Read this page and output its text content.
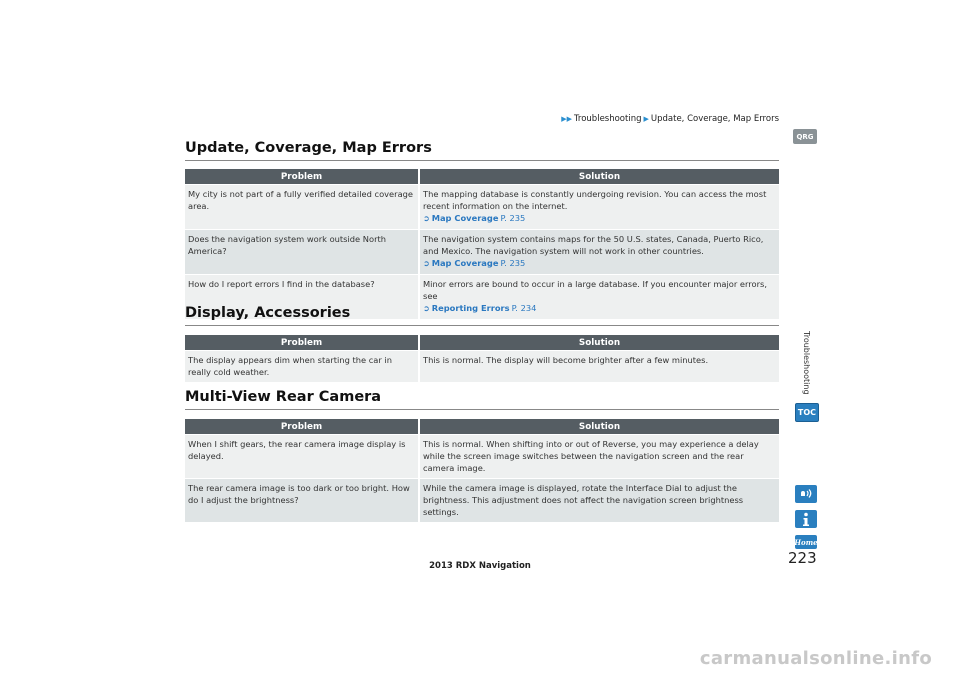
▶▶ Troubleshooting ▶ Update, Coverage, Map Errors
Update, Coverage, Map Errors
Problem	Solution
My city is not part of a fully verified detailed coverage area.	The mapping database is constantly undergoing revision. You can access the most recent information on the internet.
➲ Map Coverage P. 235

Does the navigation system work outside North America?	The navigation system contains maps for the 50 U.S. states, Canada, Puerto Rico, and Mexico. The navigation system will not work in other countries.
➲ Map Coverage P. 235

How do I report errors I find in the database?	Minor errors are bound to occur in a large database. If you encounter major errors, see
➲ Reporting Errors P. 234
Display, Accessories
Problem	Solution
The display appears dim when starting the car in really cold weather.	This is normal. The display will become brighter after a few minutes.
Multi-View Rear Camera
Problem	Solution
When I shift gears, the rear camera image display is delayed.	This is normal. When shifting into or out of Reverse, you may experience a delay while the screen image switches between the navigation screen and the rear camera image.
The rear camera image is too dark or too bright. How do I adjust the brightness?	While the camera image is displayed, rotate the Interface Dial to adjust the brightness. This adjustment does not affect the navigation screen brightness settings.
QRG
Troubleshooting
TOC
Home
223
2013 RDX Navigation
carmanualsonline.info
